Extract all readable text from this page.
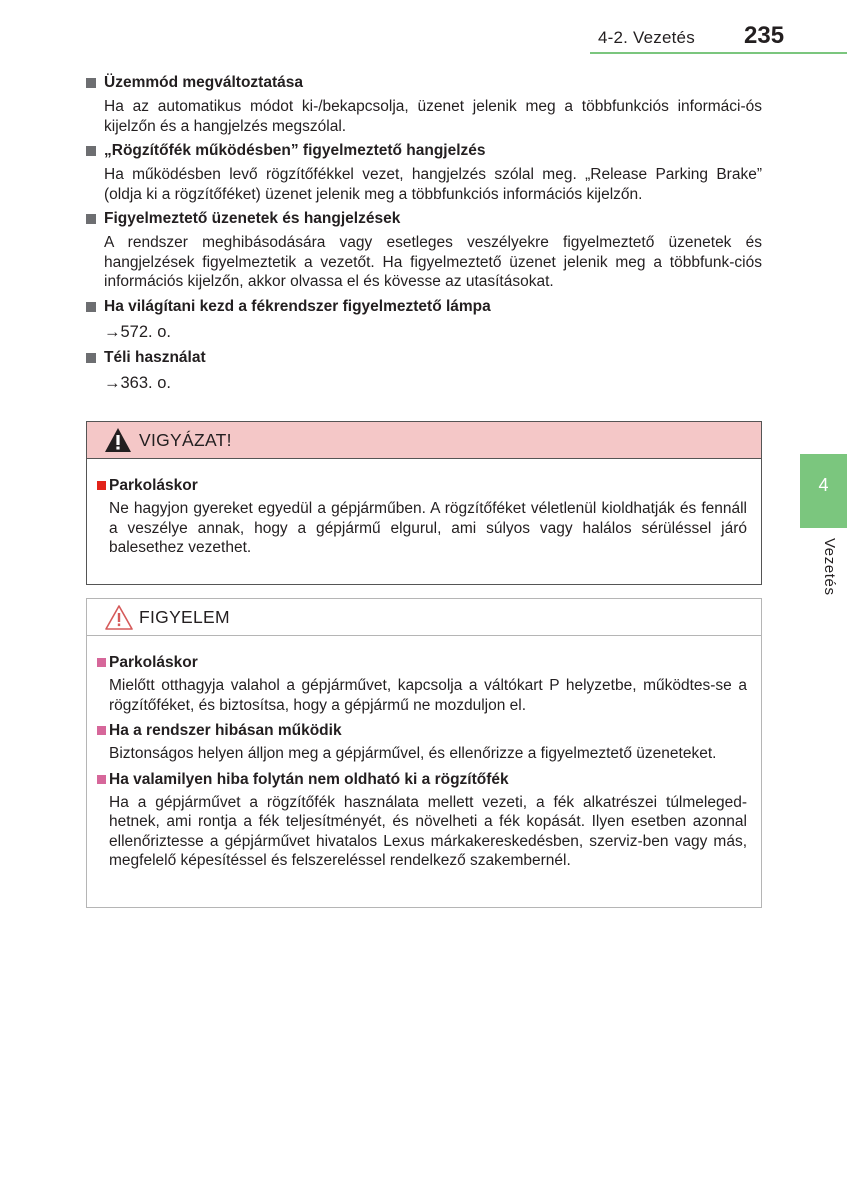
4-2. Vezetés 235
4
Vezetés
Üzemmód megváltoztatása
Ha az automatikus módot ki-/bekapcsolja, üzenet jelenik meg a többfunkciós informáci-ós kijelzőn és a hangjelzés megszólal.
„Rögzítőfék működésben” figyelmeztető hangjelzés
Ha működésben levő rögzítőfékkel vezet, hangjelzés szólal meg. „Release Parking Brake” (oldja ki a rögzítőféket) üzenet jelenik meg a többfunkciós információs kijelzőn.
Figyelmeztető üzenetek és hangjelzések
A rendszer meghibásodására vagy esetleges veszélyekre figyelmeztető üzenetek és hangjelzések figyelmeztetik a vezetőt. Ha figyelmeztető üzenet jelenik meg a többfunk-ciós információs kijelzőn, akkor olvassa el és kövesse az utasításokat.
Ha világítani kezd a fékrendszer figyelmeztető lámpa
→572. o.
Téli használat
→363. o.
VIGYÁZAT!
Parkoláskor
Ne hagyjon gyereket egyedül a gépjárműben. A rögzítőféket véletlenül kioldhatják és fennáll a veszélye annak, hogy a gépjármű elgurul, ami súlyos vagy halálos sérüléssel járó balesethez vezethet.
FIGYELEM
Parkoláskor
Mielőtt otthagyja valahol a gépjárművet, kapcsolja a váltókart P helyzetbe, működtes-se a rögzítőféket, és biztosítsa, hogy a gépjármű ne mozduljon el.
Ha a rendszer hibásan működik
Biztonságos helyen álljon meg a gépjárművel, és ellenőrizze a figyelmeztető üzeneteket.
Ha valamilyen hiba folytán nem oldható ki a rögzítőfék
Ha a gépjárművet a rögzítőfék használata mellett vezeti, a fék alkatrészei túlmeleged-hetnek, ami rontja a fék teljesítményét, és növelheti a fék kopását. Ilyen esetben azonnal ellenőriztesse a gépjárművet hivatalos Lexus márkakereskedésben, szerviz-ben vagy más, megfelelő képesítéssel és felszereléssel rendelkező szakembernél.
